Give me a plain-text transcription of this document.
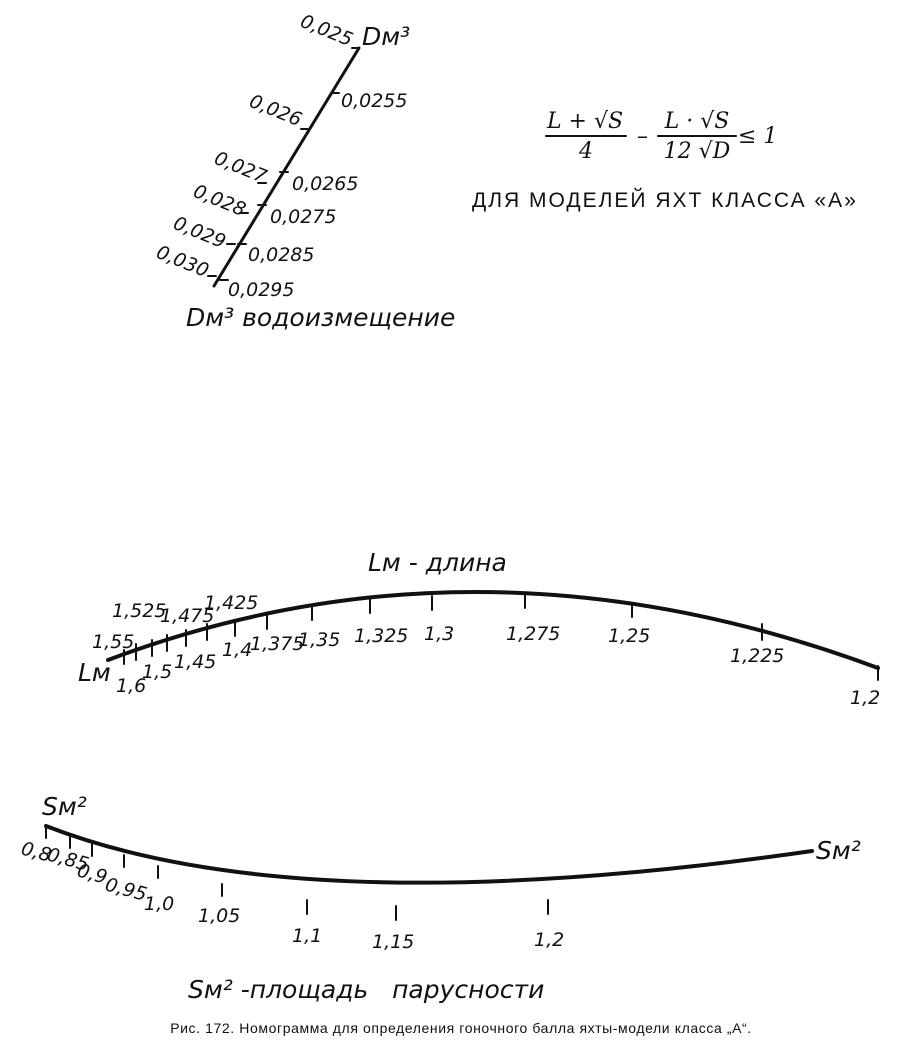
0,025
0,026
0,027
0,028
0,029
0,030
0,0255
0,0265
0,0275
0,0285
0,0295
Dм³
Dм³ водоизмещение
L + √S
4
–
L · √S
12 √D
≤ 1
ДЛЯ МОДЕЛЕЙ ЯХТ КЛАССА «А»
1,55
1,525
1,475
1,425
1,6
1,5 1,45
1,4
1,375
1,35 1,325 1,3	1,275	1,25
1,225
1,2
Lм
Lм - длина
0,8
0,85
0,9
0,95
1,0
1,05
1,1	1,15	1,2
Sм²
Sм²
Sм² -площадь   парусности
Рис. 172. Номограмма для определения гоночного балла яхты-модели класса „А“.
